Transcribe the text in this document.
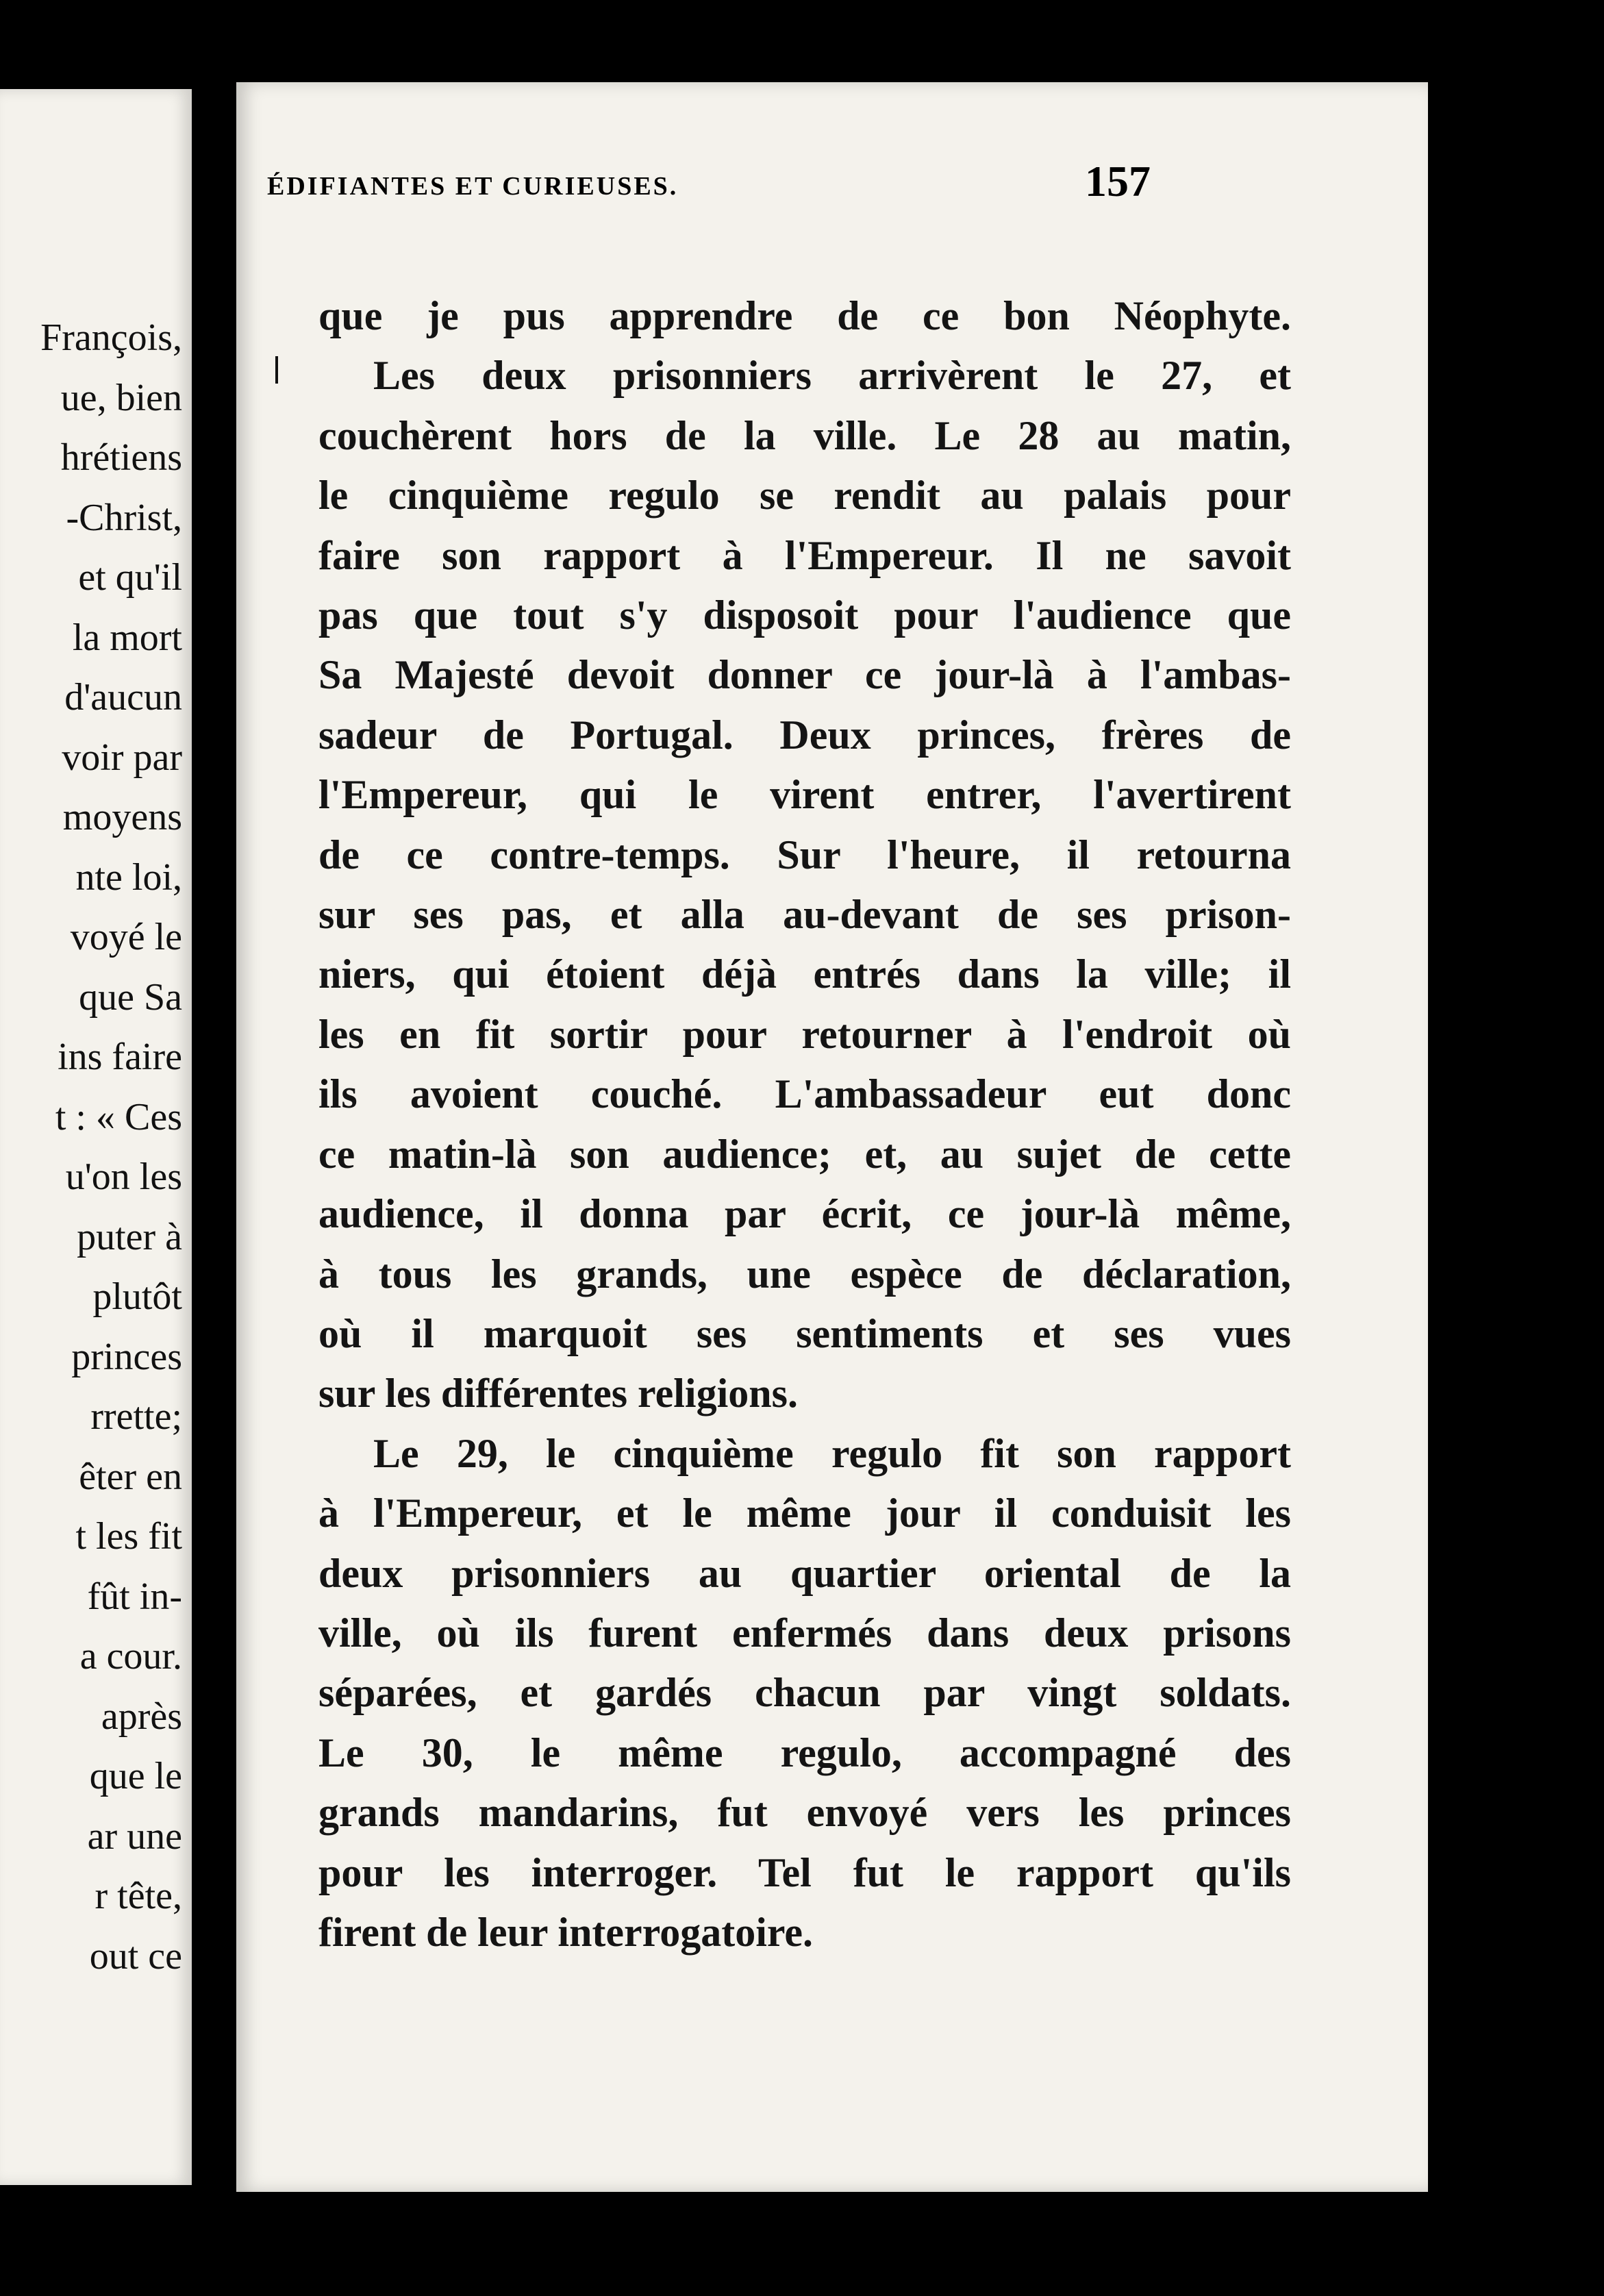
François,
ue, bien
hrétiens
-Christ,
et qu'il
la mort
d'aucun
voir par
moyens
nte loi,
voyé le
que Sa
ins faire
t : « Ces
u'on les
puter à
plutôt
princes
rrette;
êter en
t les fit
fût in-
a cour.
après
que le
ar une
r tête,
out ce
ÉDIFIANTES ET CURIEUSES.	157
que je pus apprendre de ce bon Néophyte.
Les deux prisonniers arrivèrent le 27, et
couchèrent hors de la ville. Le 28 au matin,
le cinquième regulo se rendit au palais pour
faire son rapport à l'Empereur. Il ne savoit
pas que tout s'y disposoit pour l'audience que
Sa Majesté devoit donner ce jour-là à l'ambas-
sadeur de Portugal. Deux princes, frères de
l'Empereur, qui le virent entrer, l'avertirent
de ce contre-temps. Sur l'heure, il retourna
sur ses pas, et alla au-devant de ses prison-
niers, qui étoient déjà entrés dans la ville; il
les en fit sortir pour retourner à l'endroit où
ils avoient couché. L'ambassadeur eut donc
ce matin-là son audience; et, au sujet de cette
audience, il donna par écrit, ce jour-là même,
à tous les grands, une espèce de déclaration,
où il marquoit ses sentiments et ses vues
sur les différentes religions.
Le 29, le cinquième regulo fit son rapport
à l'Empereur, et le même jour il conduisit les
deux prisonniers au quartier oriental de la
ville, où ils furent enfermés dans deux prisons
séparées, et gardés chacun par vingt soldats.
Le 30, le même regulo, accompagné des
grands mandarins, fut envoyé vers les princes
pour les interroger. Tel fut le rapport qu'ils
firent de leur interrogatoire.
